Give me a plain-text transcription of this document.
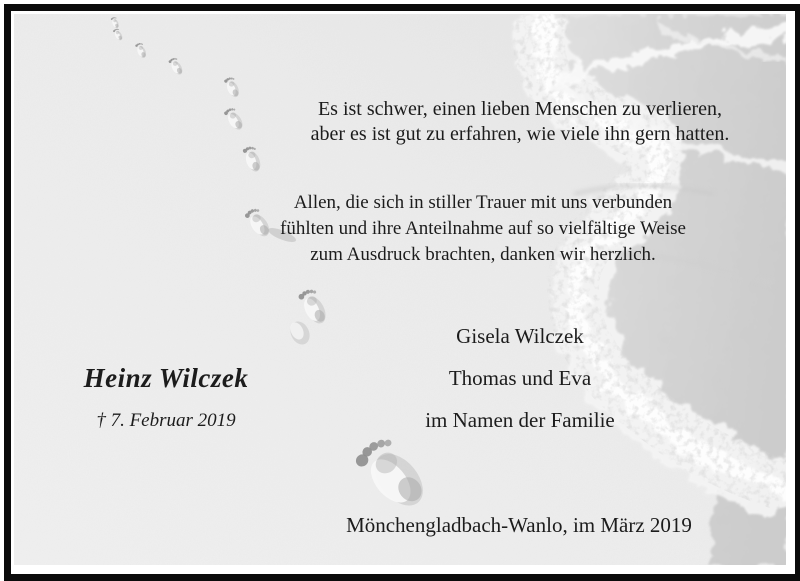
Es ist schwer, einen lieben Menschen zu verlieren,
aber es ist gut zu erfahren, wie viele ihn gern hatten.
Allen, die sich in stiller Trauer mit uns verbunden
fühlten und ihre Anteilnahme auf so vielfältige Weise
zum Ausdruck brachten, danken wir herzlich.
Gisela Wilczek
Thomas und Eva
im Namen der Familie
Heinz Wilczek
† 7. Februar 2019
Mönchengladbach-Wanlo, im März 2019
